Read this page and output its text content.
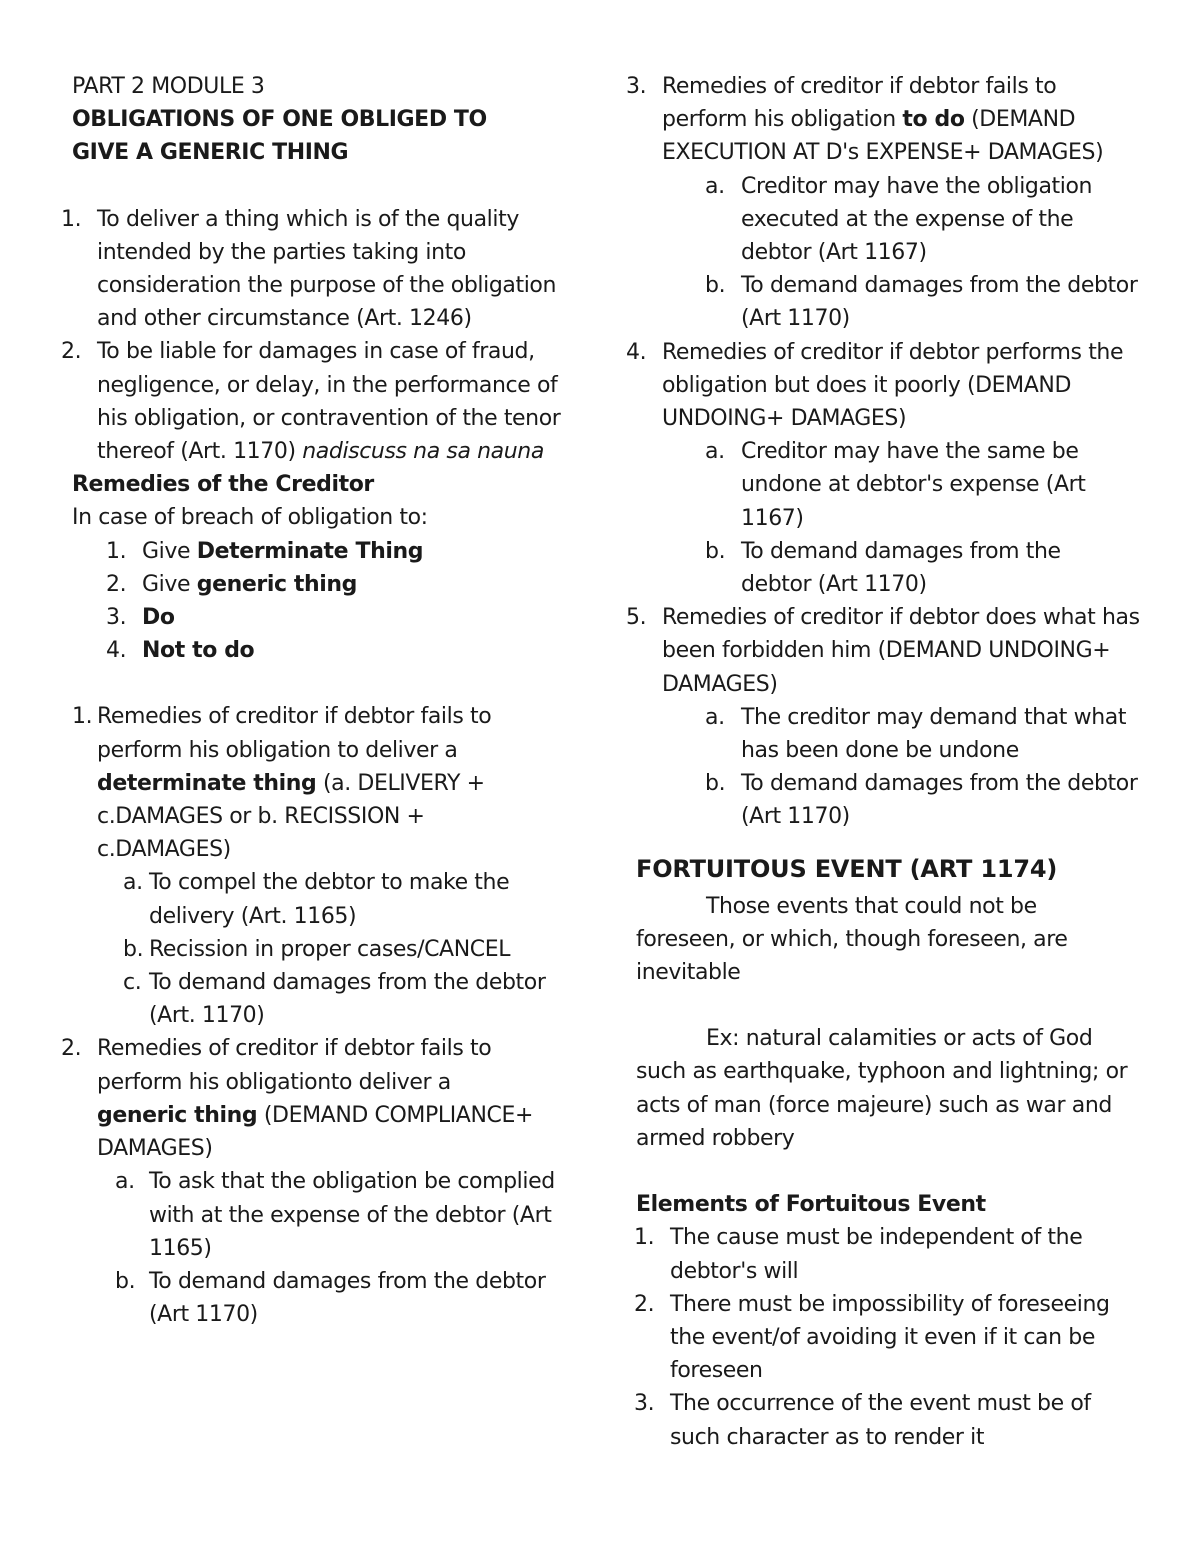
PART 2 MODULE 3
OBLIGATIONS OF ONE OBLIGED TO
GIVE A GENERIC THING
1. To deliver a thing which is of the quality intended by the parties taking into consideration the purpose of the obligation and other circumstance (Art. 1246)
2. To be liable for damages in case of fraud, negligence, or delay, in the performance of his obligation, or contravention of the tenor thereof (Art. 1170) nadiscuss na sa nauna
Remedies of the Creditor
In case of breach of obligation to:
1. Give Determinate Thing
2. Give generic thing
3. Do
4. Not to do
1. Remedies of creditor if debtor fails to perform his obligation to deliver a determinate thing (a. DELIVERY + c.DAMAGES or b. RECISSION + c.DAMAGES)
a. To compel the debtor to make the delivery (Art. 1165)
b. Recission in proper cases/CANCEL
c. To demand damages from the debtor (Art. 1170)
2. Remedies of creditor if debtor fails to perform his obligationto deliver a generic thing (DEMAND COMPLIANCE+ DAMAGES)
a. To ask that the obligation be complied with at the expense of the debtor (Art 1165)
b. To demand damages from the debtor (Art 1170)
3. Remedies of creditor if debtor fails to perform his obligation to do (DEMAND EXECUTION AT D's EXPENSE+ DAMAGES)
a. Creditor may have the obligation executed at the expense of the debtor (Art 1167)
b. To demand damages from the debtor (Art 1170)
4. Remedies of creditor if debtor performs the obligation but does it poorly (DEMAND UNDOING+ DAMAGES)
a. Creditor may have the same be undone at debtor's expense (Art 1167)
b. To demand damages from the debtor (Art 1170)
5. Remedies of creditor if debtor does what has been forbidden him (DEMAND UNDOING+ DAMAGES)
a. The creditor may demand that what has been done be undone
b. To demand damages from the debtor (Art 1170)
FORTUITOUS EVENT (ART 1174)
Those events that could not be foreseen, or which, though foreseen, are inevitable
Ex: natural calamities or acts of God such as earthquake, typhoon and lightning; or acts of man (force majeure) such as war and armed robbery
Elements of Fortuitous Event
1. The cause must be independent of the debtor's will
2. There must be impossibility of foreseeing the event/of avoiding it even if it can be foreseen
3. The occurrence of the event must be of such character as to render it
